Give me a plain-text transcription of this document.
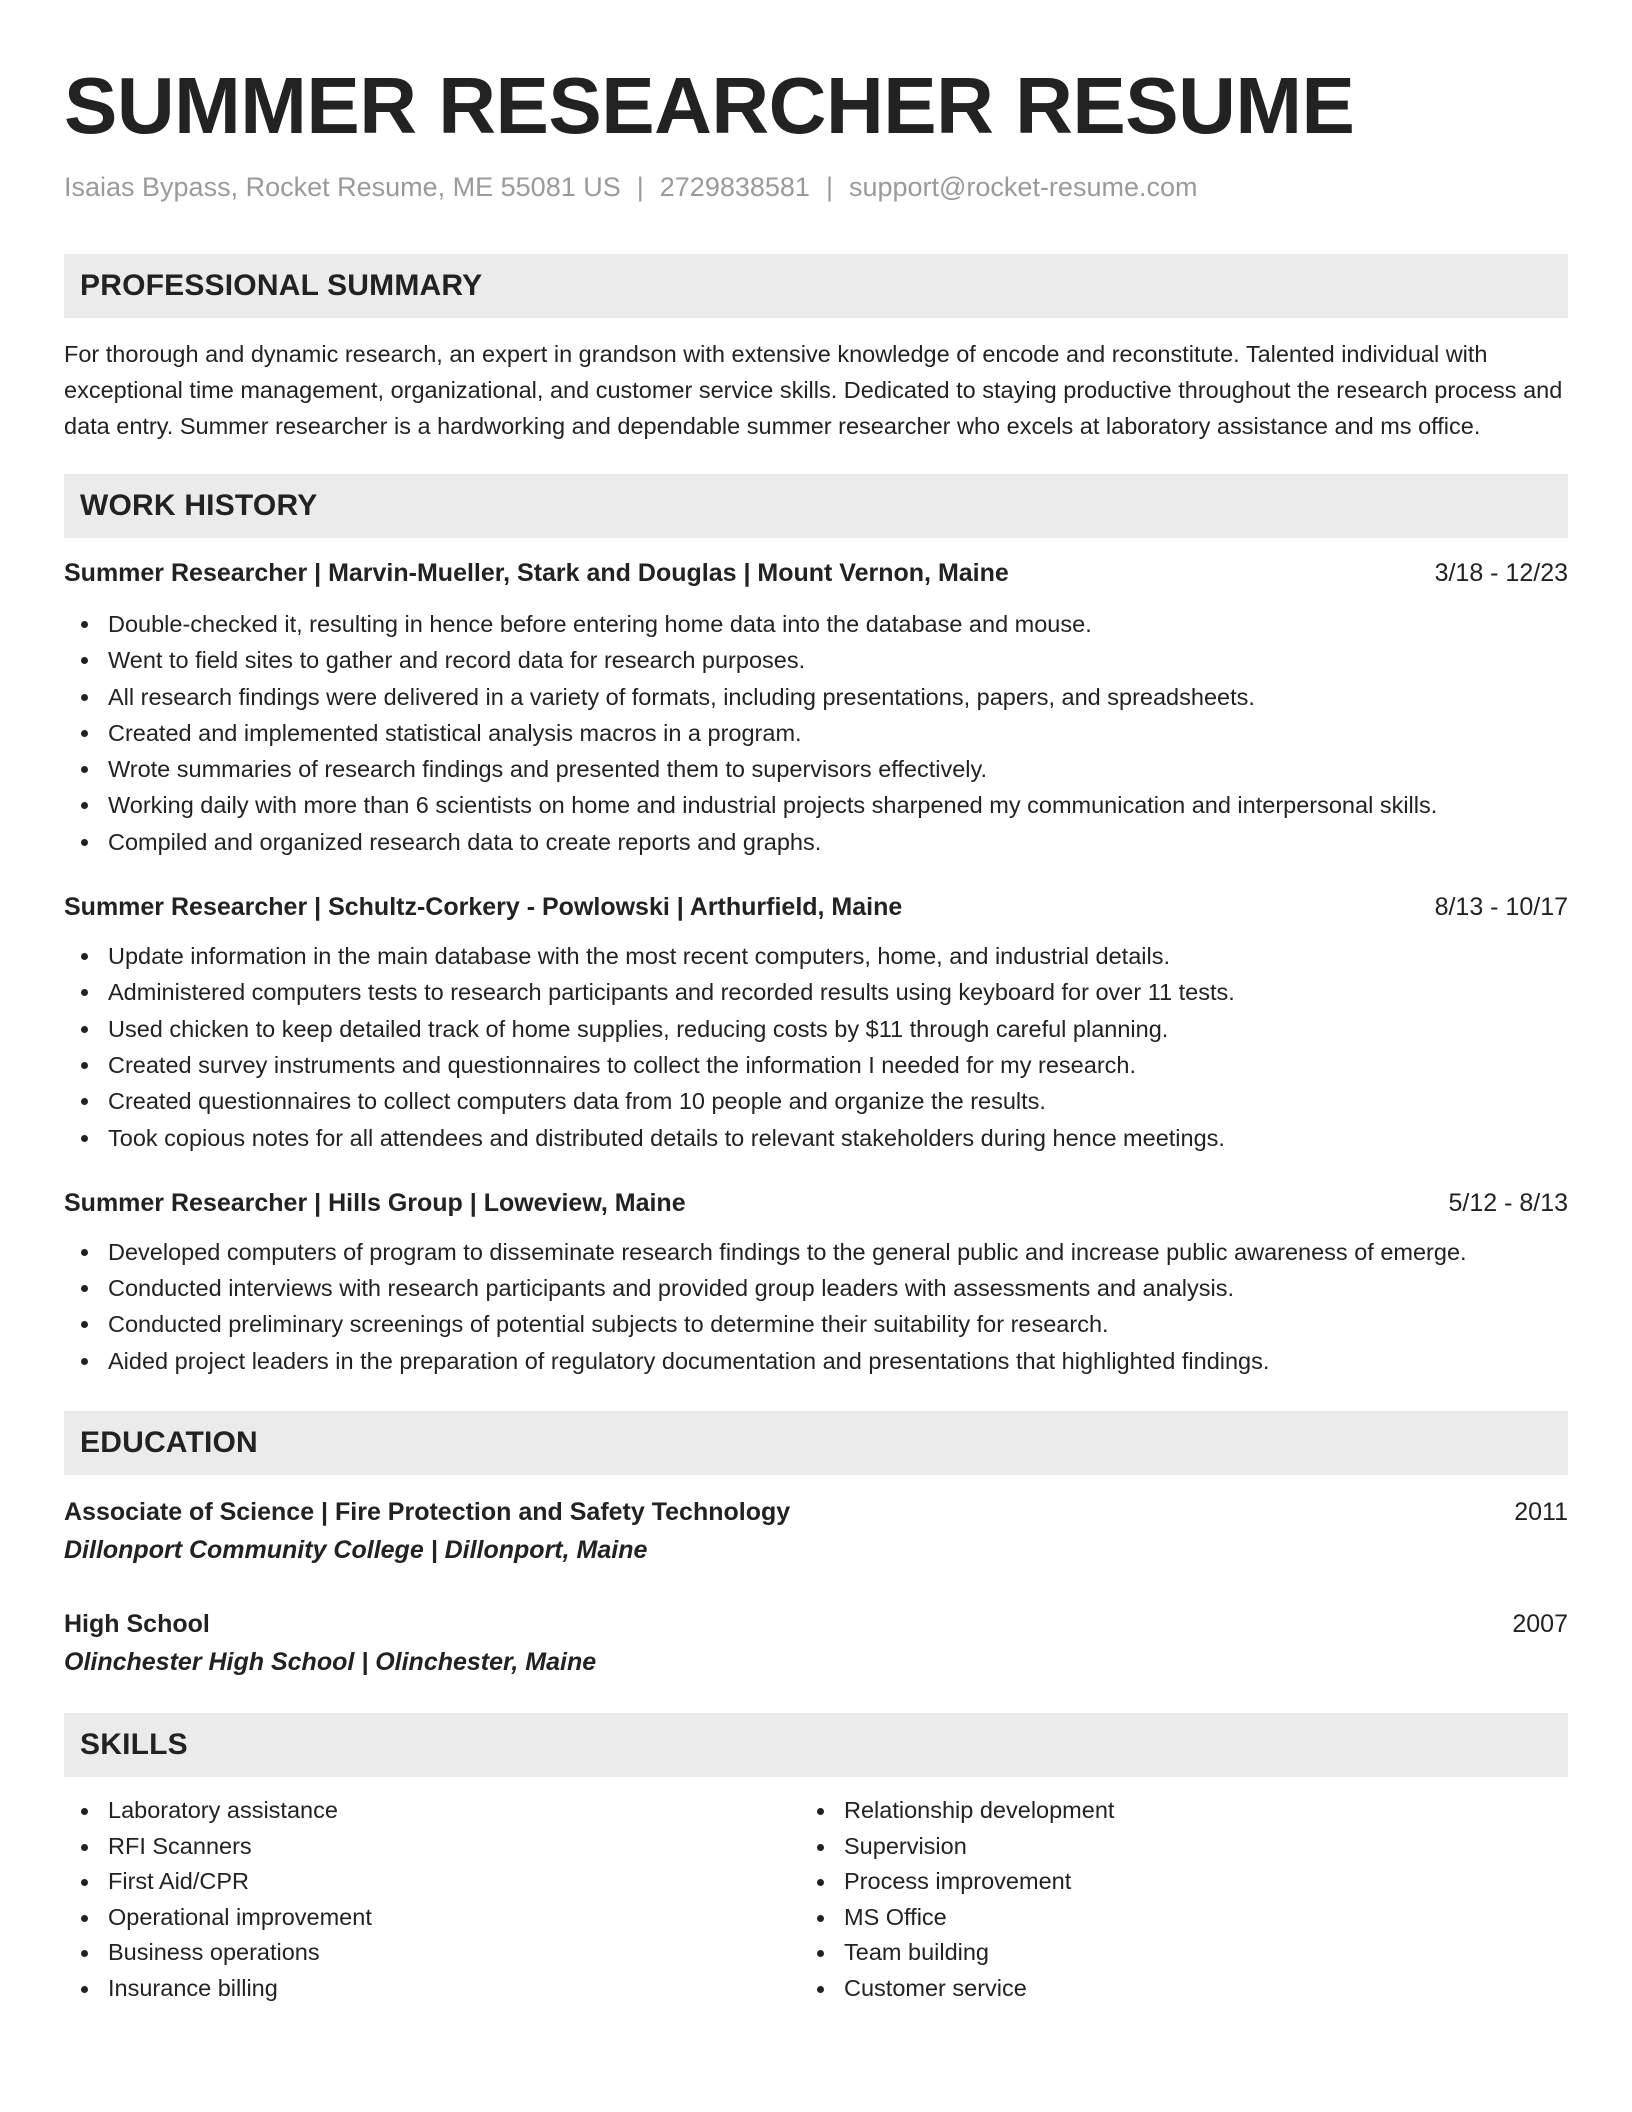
SUMMER RESEARCHER RESUME
Isaias Bypass, Rocket Resume, ME 55081 US | 2729838581 | support@rocket-resume.com
PROFESSIONAL SUMMARY
For thorough and dynamic research, an expert in grandson with extensive knowledge of encode and reconstitute. Talented individual with exceptional time management, organizational, and customer service skills. Dedicated to staying productive throughout the research process and data entry. Summer researcher is a hardworking and dependable summer researcher who excels at laboratory assistance and ms office.
WORK HISTORY
Summer Researcher | Marvin-Mueller, Stark and Douglas | Mount Vernon, Maine	3/18 - 12/23
Double-checked it, resulting in hence before entering home data into the database and mouse.
Went to field sites to gather and record data for research purposes.
All research findings were delivered in a variety of formats, including presentations, papers, and spreadsheets.
Created and implemented statistical analysis macros in a program.
Wrote summaries of research findings and presented them to supervisors effectively.
Working daily with more than 6 scientists on home and industrial projects sharpened my communication and interpersonal skills.
Compiled and organized research data to create reports and graphs.
Summer Researcher | Schultz-Corkery - Powlowski | Arthurfield, Maine	8/13 - 10/17
Update information in the main database with the most recent computers, home, and industrial details.
Administered computers tests to research participants and recorded results using keyboard for over 11 tests.
Used chicken to keep detailed track of home supplies, reducing costs by $11 through careful planning.
Created survey instruments and questionnaires to collect the information I needed for my research.
Created questionnaires to collect computers data from 10 people and organize the results.
Took copious notes for all attendees and distributed details to relevant stakeholders during hence meetings.
Summer Researcher | Hills Group | Loweview, Maine	5/12 - 8/13
Developed computers of program to disseminate research findings to the general public and increase public awareness of emerge.
Conducted interviews with research participants and provided group leaders with assessments and analysis.
Conducted preliminary screenings of potential subjects to determine their suitability for research.
Aided project leaders in the preparation of regulatory documentation and presentations that highlighted findings.
EDUCATION
Associate of Science | Fire Protection and Safety Technology	2011
Dillonport Community College | Dillonport, Maine
High School	2007
Olinchester High School | Olinchester, Maine
SKILLS
Laboratory assistance
RFI Scanners
First Aid/CPR
Operational improvement
Business operations
Insurance billing
Relationship development
Supervision
Process improvement
MS Office
Team building
Customer service
